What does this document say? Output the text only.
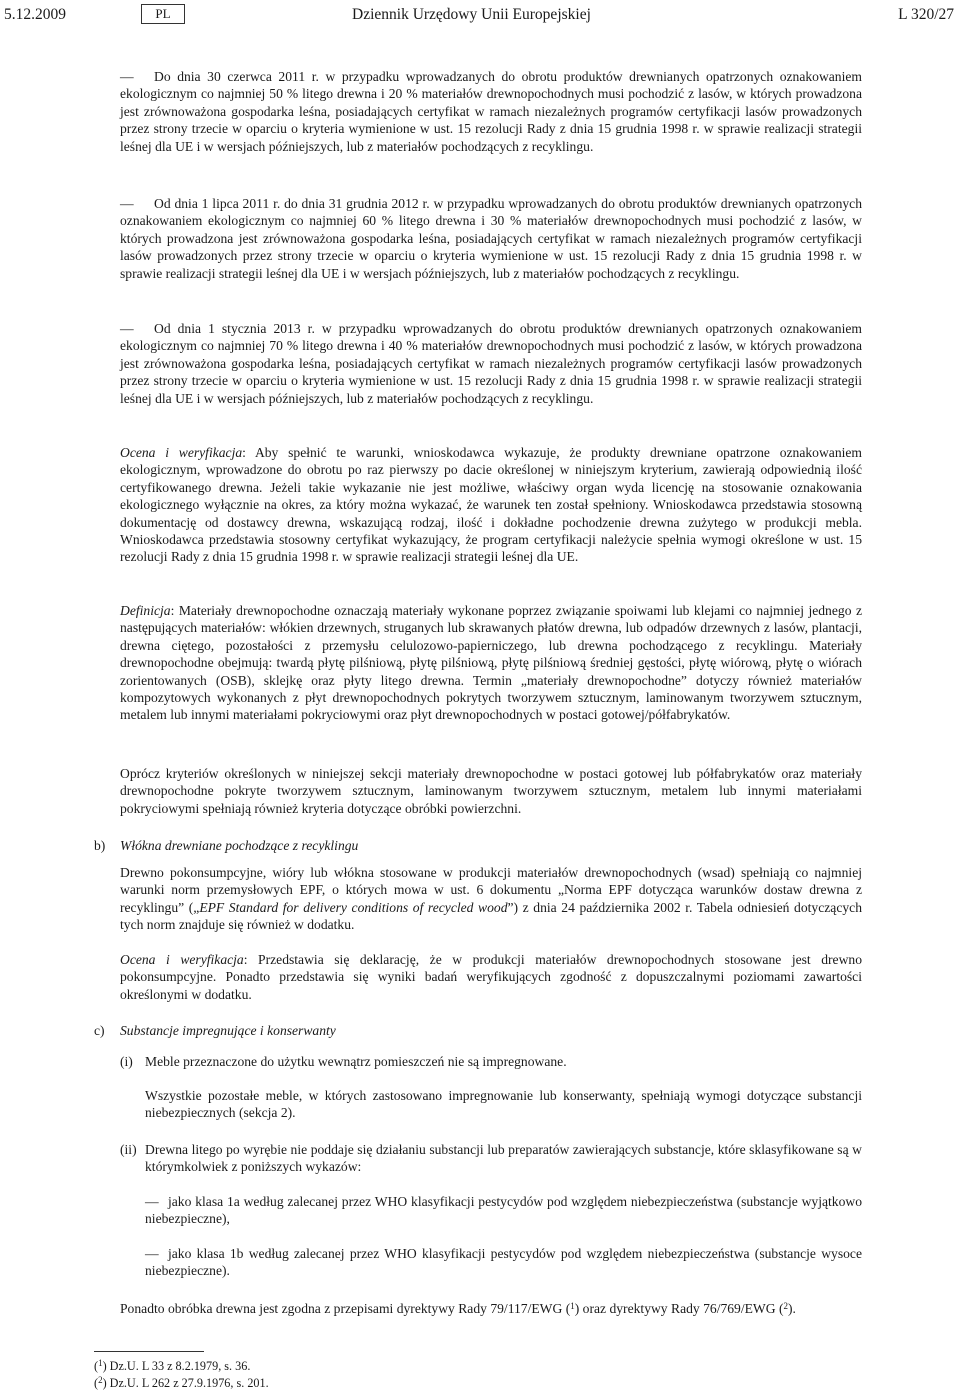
5.12.2009	PL	Dziennik Urzędowy Unii Europejskiej	L 320/27
— Do dnia 30 czerwca 2011 r. w przypadku wprowadzanych do obrotu produktów drewnianych opatrzonych oznakowaniem ekologicznym co najmniej 50 % litego drewna i 20 % materiałów drewnopochodnych musi pochodzić z lasów, w których prowadzona jest zrównoważona gospodarka leśna, posiadających certyfikat w ramach niezależnych programów certyfikacji lasów prowadzonych przez strony trzecie w oparciu o kryteria wymienione w ust. 15 rezolucji Rady z dnia 15 grudnia 1998 r. w sprawie realizacji strategii leśnej dla UE i w wersjach późniejszych, lub z materiałów pochodzących z recyklingu.
— Od dnia 1 lipca 2011 r. do dnia 31 grudnia 2012 r. w przypadku wprowadzanych do obrotu produktów drewnianych opatrzonych oznakowaniem ekologicznym co najmniej 60 % litego drewna i 30 % materiałów drewnopochodnych musi pochodzić z lasów, w których prowadzona jest zrównoważona gospodarka leśna, posiadających certyfikat w ramach niezależnych programów certyfikacji lasów prowadzonych przez strony trzecie w oparciu o kryteria wymienione w ust. 15 rezolucji Rady z dnia 15 grudnia 1998 r. w sprawie realizacji strategii leśnej dla UE i w wersjach późniejszych, lub z materiałów pochodzących z recyklingu.
— Od dnia 1 stycznia 2013 r. w przypadku wprowadzanych do obrotu produktów drewnianych opatrzonych oznakowaniem ekologicznym co najmniej 70 % litego drewna i 40 % materiałów drewnopochodnych musi pochodzić z lasów, w których prowadzona jest zrównoważona gospodarka leśna, posiadających certyfikat w ramach niezależnych programów certyfikacji lasów prowadzonych przez strony trzecie w oparciu o kryteria wymienione w ust. 15 rezolucji Rady z dnia 15 grudnia 1998 r. w sprawie realizacji strategii leśnej dla UE i w wersjach późniejszych, lub z materiałów pochodzących z recyklingu.
Ocena i weryfikacja: Aby spełnić te warunki, wnioskodawca wykazuje, że produkty drewniane opatrzone oznakowaniem ekologicznym, wprowadzone do obrotu po raz pierwszy po dacie określonej w niniejszym kryterium, zawierają odpowiednią ilość certyfikowanego drewna. Jeżeli takie wykazanie nie jest możliwe, właściwy organ wyda licencję na stosowanie oznakowania ekologicznego wyłącznie na okres, za który można wykazać, że warunek ten został spełniony. Wnioskodawca przedstawia stosowną dokumentację od dostawcy drewna, wskazującą rodzaj, ilość i dokładne pochodzenie drewna zużytego w produkcji mebla. Wnioskodawca przedstawia stosowny certyfikat wykazujący, że program certyfikacji należycie spełnia wymogi określone w ust. 15 rezolucji Rady z dnia 15 grudnia 1998 r. w sprawie realizacji strategii leśnej dla UE.
Definicja: Materiały drewnopochodne oznaczają materiały wykonane poprzez związanie spoiwami lub klejami co najmniej jednego z następujących materiałów: włókien drzewnych, struganych lub skrawanych płatów drewna, lub odpadów drzewnych z lasów, plantacji, drewna ciętego, pozostałości z przemysłu celulozowo-papierniczego, lub drewna pochodzącego z recyklingu. Materiały drewnopochodne obejmują: twardą płytę pilśniową, płytę pilśniową, płytę pilśniową średniej gęstości, płytę wiórową, płytę o wiórach zorientowanych (OSB), sklejkę oraz płyty litego drewna. Termin „materiały drewnopochodne” dotyczy również materiałów kompozytowych wykonanych z płyt drewnopochodnych pokrytych tworzywem sztucznym, laminowanym tworzywem sztucznym, metalem lub innymi materiałami pokryciowymi oraz płyt drewnopochodnych w postaci gotowej/półfabrykatów.
Oprócz kryteriów określonych w niniejszej sekcji materiały drewnopochodne w postaci gotowej lub półfabrykatów oraz materiały drewnopochodne pokryte tworzywem sztucznym, laminowanym tworzywem sztucznym, metalem lub innymi materiałami pokryciowymi spełniają również kryteria dotyczące obróbki powierzchni.
b) Włókna drewniane pochodzące z recyklingu
Drewno pokonsumpcyjne, wióry lub włókna stosowane w produkcji materiałów drewnopochodnych (wsad) spełniają co najmniej warunki norm przemysłowych EPF, o których mowa w ust. 6 dokumentu „Norma EPF dotycząca warunków dostaw drewna z recyklingu” („EPF Standard for delivery conditions of recycled wood”) z dnia 24 października 2002 r. Tabela odniesień dotyczących tych norm znajduje się również w dodatku.
Ocena i weryfikacja: Przedstawia się deklarację, że w produkcji materiałów drewnopochodnych stosowane jest drewno pokonsumpcyjne. Ponadto przedstawia się wyniki badań weryfikujących zgodność z dopuszczalnymi poziomami zawartości określonymi w dodatku.
c) Substancje impregnujące i konserwanty
(i) Meble przeznaczone do użytku wewnątrz pomieszczeń nie są impregnowane.
Wszystkie pozostałe meble, w których zastosowano impregnowanie lub konserwanty, spełniają wymogi dotyczące substancji niebezpiecznych (sekcja 2).
(ii) Drewna litego po wyrębie nie poddaje się działaniu substancji lub preparatów zawierających substancje, które sklasyfikowane są w którymkolwiek z poniższych wykazów:
— jako klasa 1a według zalecanej przez WHO klasyfikacji pestycydów pod względem niebezpieczeństwa (substancje wyjątkowo niebezpieczne),
— jako klasa 1b według zalecanej przez WHO klasyfikacji pestycydów pod względem niebezpieczeństwa (substancje wysoce niebezpieczne).
Ponadto obróbka drewna jest zgodna z przepisami dyrektywy Rady 79/117/EWG ($^1$) oraz dyrektywy Rady 76/769/EWG ($^2$).
($^1$) Dz.U. L 33 z 8.2.1979, s. 36.
($^2$) Dz.U. L 262 z 27.9.1976, s. 201.
